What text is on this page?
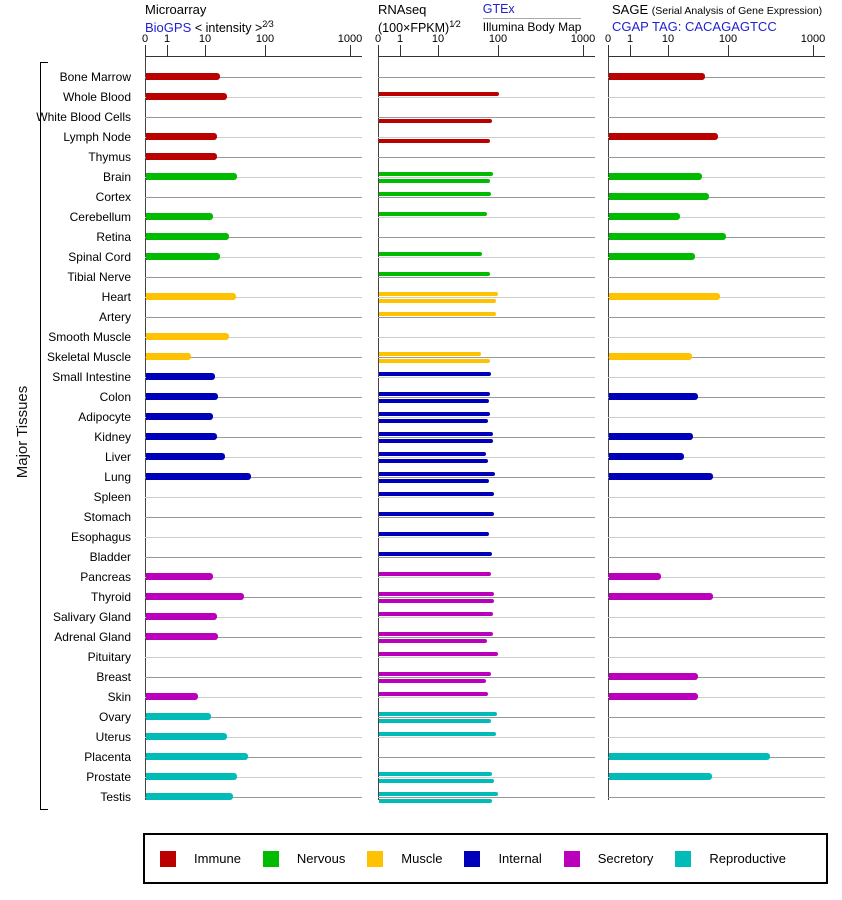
Major Tissues
Microarray
BioGPS < intensity >$^{2⁄3}$
RNAseq
(100×FPKM)$^{1⁄2}$
GTEx
Illumina Body Map
SAGE (Serial Analysis of Gene Expression)
CGAP TAG: CACAGAGTCC
0	1	10	100	1000	0	1	10	100	1000 0	1	10	100	1000
Bone Marrow
Whole Blood
White Blood Cells
Lymph Node
Thymus
Brain
Cortex
Cerebellum
Retina
Spinal Cord
Tibial Nerve
Heart
Artery
Smooth Muscle
Skeletal Muscle
Small Intestine
Colon
Adipocyte
Kidney
Liver
Lung
Spleen
Stomach
Esophagus
Bladder
Pancreas
Thyroid
Salivary Gland
Adrenal Gland
Pituitary
Breast
Skin
Ovary
Uterus
Placenta
Prostate
Testis
Immune	Nervous	Muscle	Internal	Secretory	Reproductive
